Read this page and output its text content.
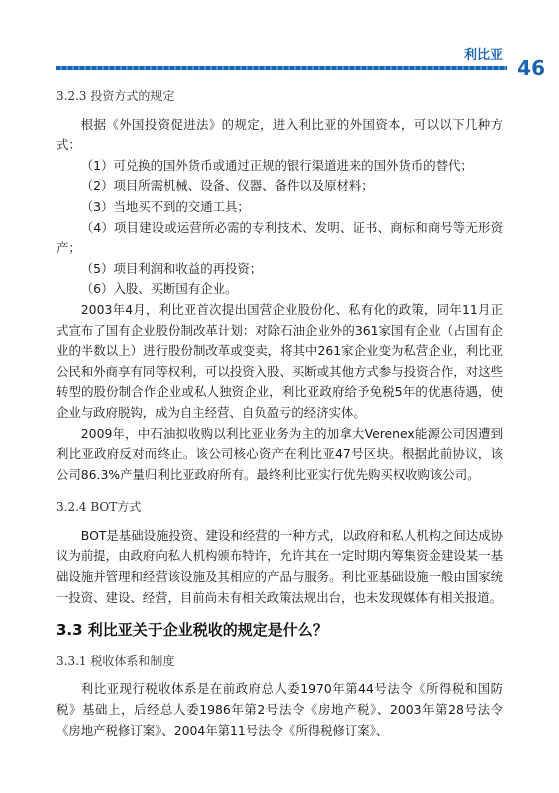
利比亚
46
3.2.3 投资方式的规定

根据《外国投资促进法》的规定，进入利比亚的外国资本，可以以下几种方式：

（1）可兑换的国外货币或通过正规的银行渠道进来的国外货币的替代；

（2）项目所需机械、设备、仪器、备件以及原材料；

（3）当地买不到的交通工具；

（4）项目建设或运营所必需的专利技术、发明、证书、商标和商号等无形资产；

（5）项目利润和收益的再投资；

（6）入股、买断国有企业。

2003年4月，利比亚首次提出国营企业股份化、私有化的政策，同年11月正式宣布了国有企业股份制改革计划：对除石油企业外的361家国有企业（占国有企业的半数以上）进行股份制改革或变卖，将其中261家企业变为私营企业，利比亚公民和外商享有同等权利，可以投资入股、买断或其他方式参与投资合作，对这些转型的股份制合作企业或私人独资企业，利比亚政府给予免税5年的优惠待遇，使企业与政府脱钩，成为自主经营、自负盈亏的经济实体。

2009年，中石油拟收购以利比亚业务为主的加拿大Verenex能源公司因遭到利比亚政府反对而终止。该公司核心资产在利比亚47号区块。根据此前协议，该公司86.3%产量归利比亚政府所有。最终利比亚实行优先购买权收购该公司。

3.2.4 BOT方式

BOT是基础设施投资、建设和经营的一种方式，以政府和私人机构之间达成协议为前提，由政府向私人机构颁布特许，允许其在一定时期内筹集资金建设某一基础设施并管理和经营该设施及其相应的产品与服务。利比亚基础设施一般由国家统一投资、建设、经营，目前尚未有相关政策法规出台，也未发现媒体有相关报道。

3.3 利比亚关于企业税收的规定是什么？
3.3.1 税收体系和制度

利比亚现行税收体系是在前政府总人委1970年第44号法令《所得税和国防税》基础上，后经总人委1986年第2号法令《房地产税》、2003年第28号法令《房地产税修订案》、2004年第11号法令《所得税修订案》、
